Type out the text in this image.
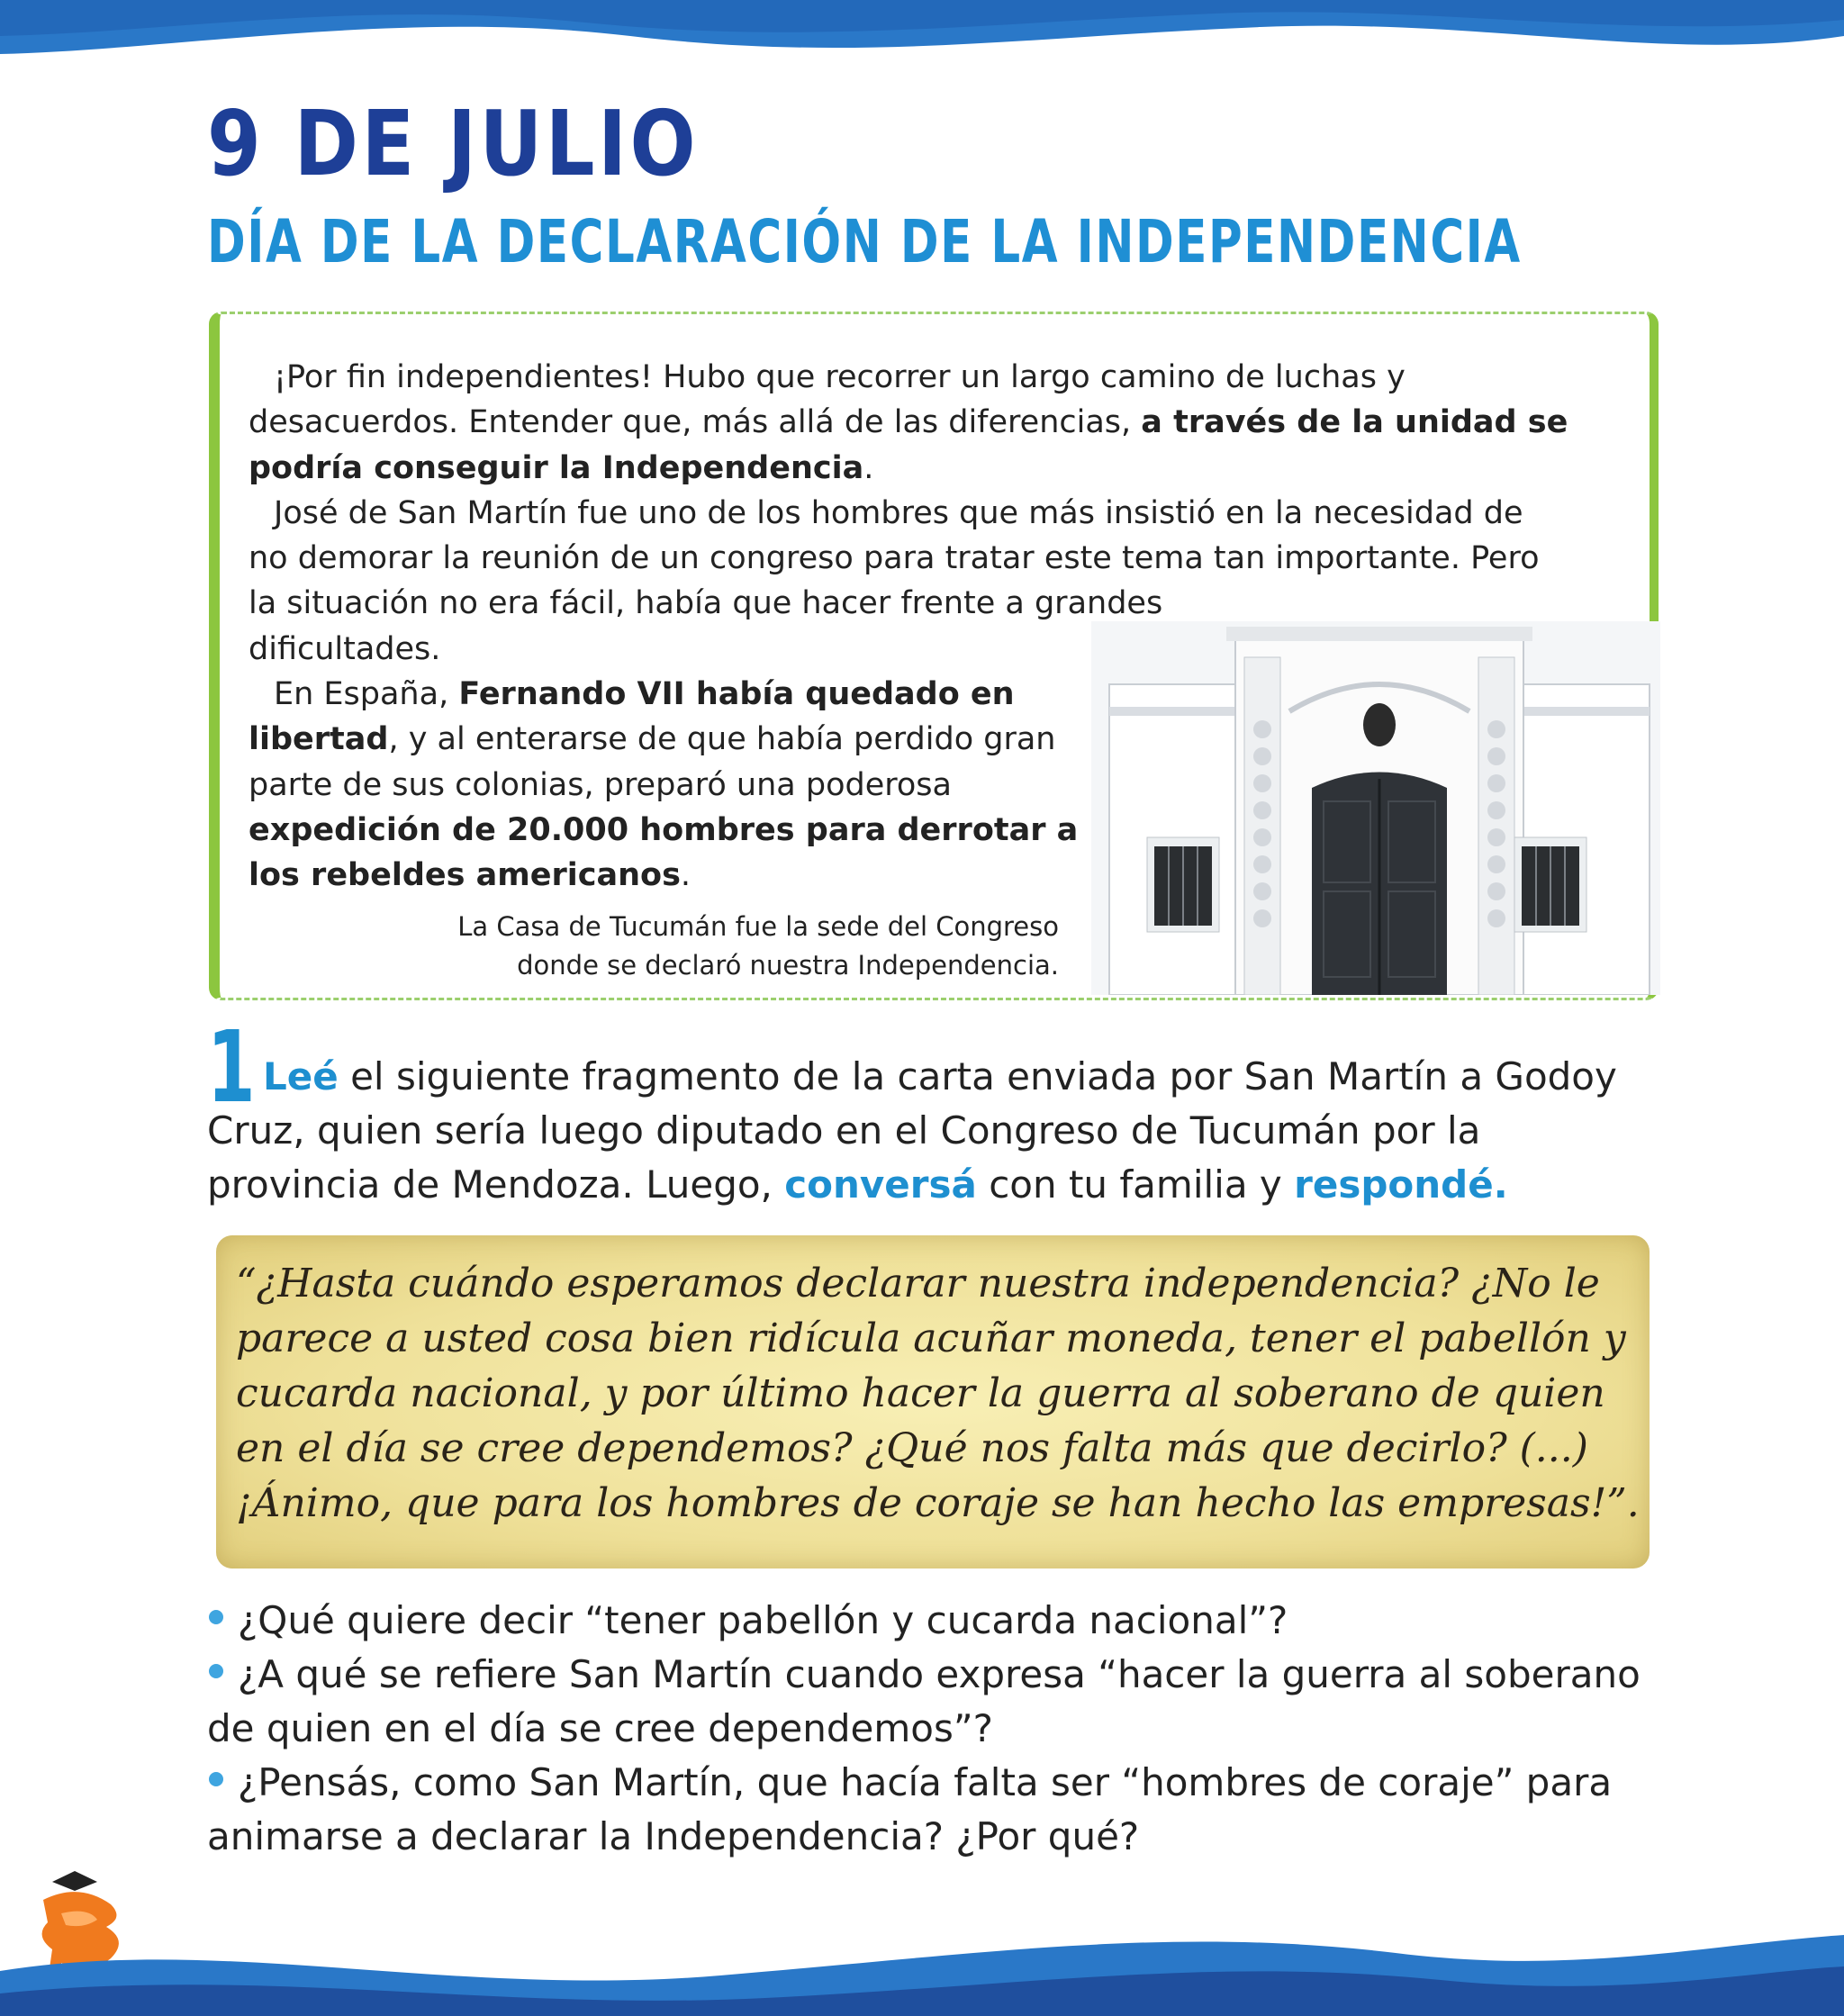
9 DE JULIO
DÍA DE LA DECLARACIÓN DE LA INDEPENDENCIA

¡Por fin independientes! Hubo que recorrer un largo camino de luchas y desacuerdos. Entender que, más allá de las diferencias, a través de la unidad se podría conseguir la Independencia.

José de San Martín fue uno de los hombres que más insistió en la necesidad de
no demorar la reunión de un congreso para tratar este tema tan importante. Pero
la situación no era fácil, había que hacer frente a grandes
dificultades.

En España, Fernando VII había quedado en
libertad, y al enterarse de que había perdido gran
parte de sus colonias, preparó una poderosa
expedición de 20.000 hombres para derrotar a
los rebeldes americanos.

La Casa de Tucumán fue la sede del Congreso
donde se declaró nuestra Independencia.
1 Leé el siguiente fragmento de la carta enviada por San Martín a Godoy Cruz, quien sería luego diputado en el Congreso de Tucumán por la provincia de Mendoza. Luego, conversá con tu familia y respondé.
“¿Hasta cuándo esperamos declarar nuestra independencia? ¿No le parece a usted cosa bien ridícula acuñar moneda, tener el pabellón y cucarda nacional, y por último hacer la guerra al soberano de quien en el día se cree dependemos? ¿Qué nos falta más que decirlo? (...) ¡Ánimo, que para los hombres de coraje se han hecho las empresas!”.
¿Qué quiere decir “tener pabellón y cucarda nacional”?
¿A qué se refiere San Martín cuando expresa “hacer la guerra al soberano de quien en el día se cree dependemos”?
¿Pensás, como San Martín, que hacía falta ser “hombres de coraje” para animarse a declarar la Independencia? ¿Por qué?
